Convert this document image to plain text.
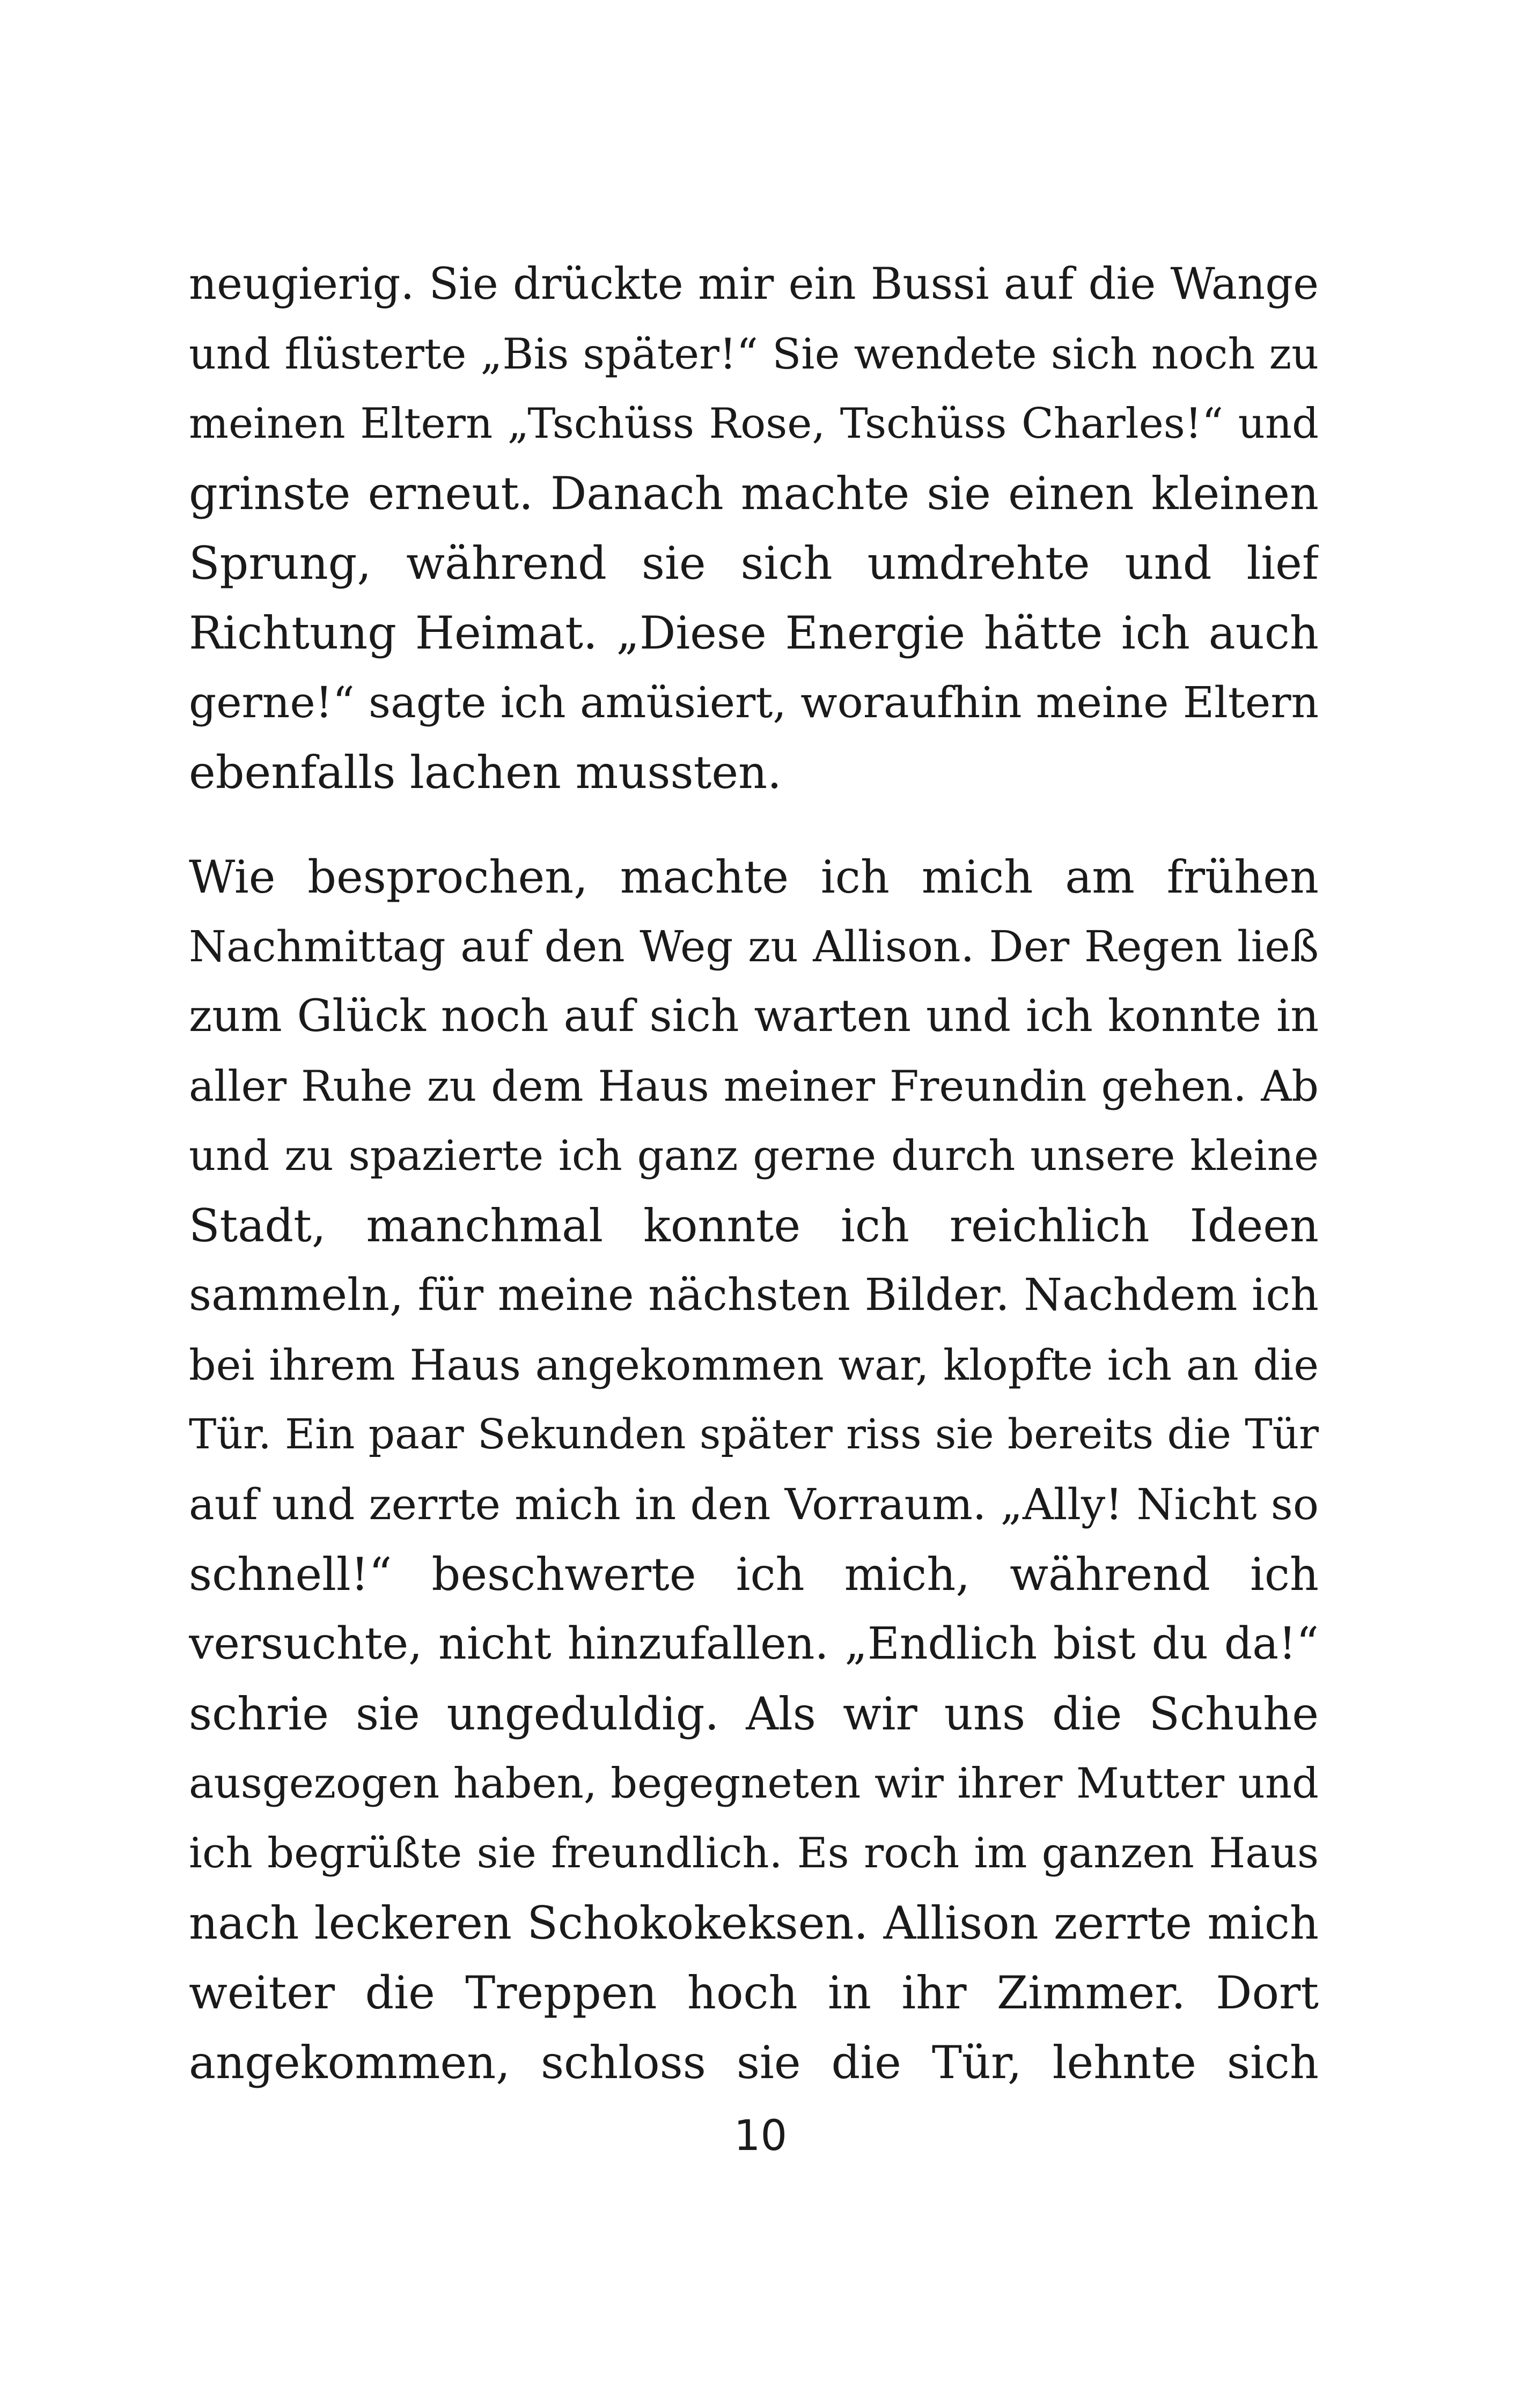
neugierig. Sie drückte mir ein Bussi auf die Wange
und flüsterte „Bis später!“ Sie wendete sich noch zu
meinen Eltern „Tschüss Rose, Tschüss Charles!“ und
grinste erneut. Danach machte sie einen kleinen
Sprung, während sie sich umdrehte und lief
Richtung Heimat. „Diese Energie hätte ich auch
gerne!“ sagte ich amüsiert, woraufhin meine Eltern
ebenfalls lachen mussten.
Wie besprochen, machte ich mich am frühen
Nachmittag auf den Weg zu Allison. Der Regen ließ
zum Glück noch auf sich warten und ich konnte in
aller Ruhe zu dem Haus meiner Freundin gehen. Ab
und zu spazierte ich ganz gerne durch unsere kleine
Stadt, manchmal konnte ich reichlich Ideen
sammeln, für meine nächsten Bilder. Nachdem ich
bei ihrem Haus angekommen war, klopfte ich an die
Tür. Ein paar Sekunden später riss sie bereits die Tür
auf und zerrte mich in den Vorraum. „Ally! Nicht so
schnell!“ beschwerte ich mich, während ich
versuchte, nicht hinzufallen. „Endlich bist du da!“
schrie sie ungeduldig. Als wir uns die Schuhe
ausgezogen haben, begegneten wir ihrer Mutter und
ich begrüßte sie freundlich. Es roch im ganzen Haus
nach leckeren Schokokeksen. Allison zerrte mich
weiter die Treppen hoch in ihr Zimmer. Dort
angekommen, schloss sie die Tür, lehnte sich
10
